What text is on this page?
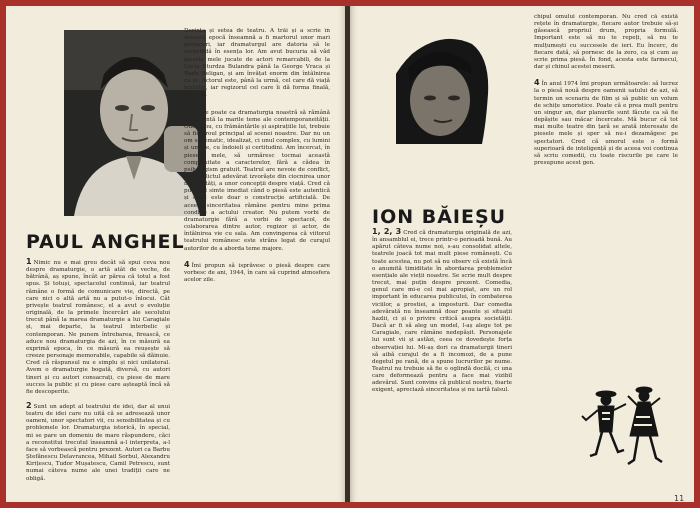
PAUL ANGHEL

1 Nimic nu e mai greu decât să spui ceva nou despre dramaturgie, o artă atât de veche, de bătrână, aș spune, încât ar părea că totul a fost spus. Și totuși, spectacolul continuă, iar teatrul rămâne o formă de comunicare vie, directă, pe care nici o altă artă nu a putut-o înlocui. Cât privește teatrul românesc, el a avut o evoluție originală, de la primele încercări ale secolului trecut până la marea dramaturgie a lui Caragiale și, mai departe, la teatrul interbelic și contemporan. Ne punem întrebarea, firească, ce aduce nou dramaturgia de azi, în ce măsură ea exprimă epoca, în ce măsură ea reușește să creeze personaje memorabile, capabile să dăinuie. Cred că răspunsul nu e simplu și nici unilateral. Avem o dramaturgie bogată, diversă, cu autori tineri și cu autori consacrați, cu piese de mare succes la public și cu piese care așteaptă încă să fie descoperite.

2 Sunt un adept al teatrului de idei, dar al unui teatru de idei care nu uită că se adresează unor oameni, unor spectatori vii, cu sensibilitatea și cu problemele lor. Dramaturgia istorică, în special, mi se pare un domeniu de mare răspundere, căci a reconstitui trecutul înseamnă a-l interpreta, a-l face să vorbească pentru prezent. Autori ca Barbu Ștefănescu Delavrancea, Mihail Sorbul, Alexandru Kirițescu, Tudor Mușatescu, Camil Petrescu, sunt numai câteva nume ale unei tradiții care ne obligă.

Dorința și setea de teatru. A trăi și a scrie în această epocă înseamnă a fi martorul unor mari prefaceri, iar dramaturgul are datoria să le surprindă în esența lor. Am avut bucuria să văd piesele mele jucate de actori remarcabili, de la Lucia Sturdza Bulandra până la George Vraca și Radu Beligan, și am învățat enorm din întâlnirea cu ei. Actorul este, până la urmă, cel care dă viață textului, iar regizorul cel care îi dă forma finală, scenică.

3 Nu se poate ca dramaturgia noastră să rămână indiferentă la marile teme ale contemporaneității. Omul nou, cu frământările și aspirațiile lui, trebuie să fie eroul principal al scenei noastre. Dar nu un om schematic, idealizat, ci unul complex, cu lumini și umbre, cu îndoieli și certitudini. Am încercat, în piesele mele, să urmăresc tocmai această complexitate a caracterelor, fără a cădea în psihologism gratuit. Teatrul are nevoie de conflict, iar conflictul adevărat izvorăște din ciocnirea unor mentalități, a unor concepții despre viață. Cred că publicul simte imediat când o piesă este autentică și când este doar o construcție artificială. De aceea, sinceritatea rămâne pentru mine prima condiție a actului creator. Nu putem vorbi de dramaturgie fără a vorbi de spectacol, de colaborarea dintre autor, regizor și actor, de întâlnirea vie cu sala. Am convingerea că viitorul teatrului românesc este strâns legat de curajul autorilor de a aborda teme majore.

4 Îmi propun să isprăvesc o piesă despre care vorbesc de ani, 1944, în care să cuprind atmosfera acelor zile.

ION BĂIEȘU

1, 2, 3 Cred că dramaturgia originală de azi, în ansamblul ei, trece printr-o perioadă bună. Au apărut câteva nume noi, s-au consolidat altele, teatrele joacă tot mai mult piese românești. Cu toate acestea, nu pot să nu observ că există încă o anumită timiditate în abordarea problemelor esențiale ale vieții noastre. Se scrie mult despre trecut, mai puțin despre prezent. Comedia, genul care mi-e cel mai apropiat, are un rol important în educarea publicului, în combaterea viciilor, a prostiei, a imposturii. Dar comedia adevărată nu înseamnă doar poante și situații hazlii, ci și o privire critică asupra societății. Dacă ar fi să aleg un model, l-aș alege tot pe Caragiale, care rămâne nedepășit. Personajele lui sunt vii și astăzi, ceea ce dovedește forța observației lui. Mi-aș dori ca dramaturgii tineri să aibă curajul de a fi incomozi, de a pune degetul pe rană, de a spune lucrurilor pe nume. Teatrul nu trebuie să fie o oglindă docilă, ci una care deformează pentru a face mai vizibil adevărul. Sunt convins că publicul nostru, foarte exigent, apreciază sinceritatea și nu iartă falsul.

chipul omului contemporan. Nu cred că există rețete în dramaturgie, fiecare autor trebuie să-și găsească propriul drum, propria formulă. Important este să nu te repeți, să nu te mulțumești cu succesele de ieri. Eu încerc, de fiecare dată, să pornesc de la zero, ca și cum aș scrie prima piesă. În fond, acesta este farmecul, dar și chinul acestei meserii.

4 În anul 1974 îmi propun următoarele: să lucrez la o piesă nouă despre oamenii satului de azi, să termin un scenariu de film și să public un volum de schițe umoristice. Poate că e prea mult pentru un singur an, dar planurile sunt făcute ca să fie depășite sau măcar încercate. Mă bucur că tot mai multe teatre din țară se arată interesate de piesele mele și sper să nu-i dezamăgesc pe spectatori. Cred că umorul este o formă superioară de inteligență și de aceea voi continua să scriu comedii, cu toate riscurile pe care le presupune acest gen.

11
